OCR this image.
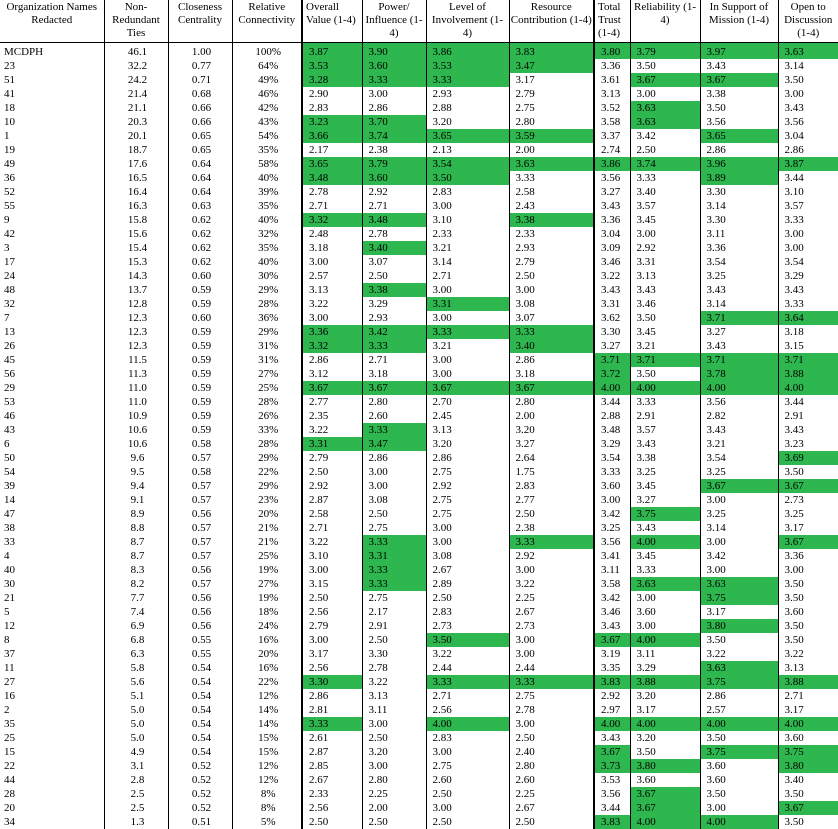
Organization Names Redacted	Non-Redundant Ties	Closeness Centrality	Relative Connectivity	Overall Value (1-4)	Power/ Influence (1-4)	Level of Involvement (1-4)	Resource Contribution (1-4)	Total Trust (1-4)	Reliability (1-4)	In Support of Mission (1-4)	Open to Discussion (1-4)
MCDPH	46.1	1.00	100%	3.87	3.90	3.86	3.83	3.80	3.79	3.97	3.63
23	32.2	0.77	64%	3.53	3.60	3.53	3.47	3.36	3.50	3.43	3.14
51	24.2	0.71	49%	3.28	3.33	3.33	3.17	3.61	3.67	3.67	3.50
41	21.4	0.68	46%	2.90	3.00	2.93	2.79	3.13	3.00	3.38	3.00
18	21.1	0.66	42%	2.83	2.86	2.88	2.75	3.52	3.63	3.50	3.43
10	20.3	0.66	43%	3.23	3.70	3.20	2.80	3.58	3.63	3.56	3.56
1	20.1	0.65	54%	3.66	3.74	3.65	3.59	3.37	3.42	3.65	3.04
19	18.7	0.65	35%	2.17	2.38	2.13	2.00	2.74	2.50	2.86	2.86
49	17.6	0.64	58%	3.65	3.79	3.54	3.63	3.86	3.74	3.96	3.87
36	16.5	0.64	40%	3.48	3.60	3.50	3.33	3.56	3.33	3.89	3.44
52	16.4	0.64	39%	2.78	2.92	2.83	2.58	3.27	3.40	3.30	3.10
55	16.3	0.63	35%	2.71	2.71	3.00	2.43	3.43	3.57	3.14	3.57
9	15.8	0.62	40%	3.32	3.48	3.10	3.38	3.36	3.45	3.30	3.33
42	15.6	0.62	32%	2.48	2.78	2.33	2.33	3.04	3.00	3.11	3.00
3	15.4	0.62	35%	3.18	3.40	3.21	2.93	3.09	2.92	3.36	3.00
17	15.3	0.62	40%	3.00	3.07	3.14	2.79	3.46	3.31	3.54	3.54
24	14.3	0.60	30%	2.57	2.50	2.71	2.50	3.22	3.13	3.25	3.29
48	13.7	0.59	29%	3.13	3.38	3.00	3.00	3.43	3.43	3.43	3.43
32	12.8	0.59	28%	3.22	3.29	3.31	3.08	3.31	3.46	3.14	3.33
7	12.3	0.60	36%	3.00	2.93	3.00	3.07	3.62	3.50	3.71	3.64
13	12.3	0.59	29%	3.36	3.42	3.33	3.33	3.30	3.45	3.27	3.18
26	12.3	0.59	31%	3.32	3.33	3.21	3.40	3.27	3.21	3.43	3.15
45	11.5	0.59	31%	2.86	2.71	3.00	2.86	3.71	3.71	3.71	3.71
56	11.3	0.59	27%	3.12	3.18	3.00	3.18	3.72	3.50	3.78	3.88
29	11.0	0.59	25%	3.67	3.67	3.67	3.67	4.00	4.00	4.00	4.00
53	11.0	0.59	28%	2.77	2.80	2.70	2.80	3.44	3.33	3.56	3.44
46	10.9	0.59	26%	2.35	2.60	2.45	2.00	2.88	2.91	2.82	2.91
43	10.6	0.59	33%	3.22	3.33	3.13	3.20	3.48	3.57	3.43	3.43
6	10.6	0.58	28%	3.31	3.47	3.20	3.27	3.29	3.43	3.21	3.23
50	9.6	0.57	29%	2.79	2.86	2.86	2.64	3.54	3.38	3.54	3.69
54	9.5	0.58	22%	2.50	3.00	2.75	1.75	3.33	3.25	3.25	3.50
39	9.4	0.57	29%	2.92	3.00	2.92	2.83	3.60	3.45	3.67	3.67
14	9.1	0.57	23%	2.87	3.08	2.75	2.77	3.00	3.27	3.00	2.73
47	8.9	0.56	20%	2.58	2.50	2.75	2.50	3.42	3.75	3.25	3.25
38	8.8	0.57	21%	2.71	2.75	3.00	2.38	3.25	3.43	3.14	3.17
33	8.7	0.57	21%	3.22	3.33	3.00	3.33	3.56	4.00	3.00	3.67
4	8.7	0.57	25%	3.10	3.31	3.08	2.92	3.41	3.45	3.42	3.36
40	8.3	0.56	19%	3.00	3.33	2.67	3.00	3.11	3.33	3.00	3.00
30	8.2	0.57	27%	3.15	3.33	2.89	3.22	3.58	3.63	3.63	3.50
21	7.7	0.56	19%	2.50	2.75	2.50	2.25	3.42	3.00	3.75	3.50
5	7.4	0.56	18%	2.56	2.17	2.83	2.67	3.46	3.60	3.17	3.60
12	6.9	0.56	24%	2.79	2.91	2.73	2.73	3.43	3.00	3.80	3.50
8	6.8	0.55	16%	3.00	2.50	3.50	3.00	3.67	4.00	3.50	3.50
37	6.3	0.55	20%	3.17	3.30	3.22	3.00	3.19	3.11	3.22	3.22
11	5.8	0.54	16%	2.56	2.78	2.44	2.44	3.35	3.29	3.63	3.13
27	5.6	0.54	22%	3.30	3.22	3.33	3.33	3.83	3.88	3.75	3.88
16	5.1	0.54	12%	2.86	3.13	2.71	2.75	2.92	3.20	2.86	2.71
2	5.0	0.54	14%	2.81	3.11	2.56	2.78	2.97	3.17	2.57	3.17
35	5.0	0.54	14%	3.33	3.00	4.00	3.00	4.00	4.00	4.00	4.00
25	5.0	0.54	15%	2.61	2.50	2.83	2.50	3.43	3.20	3.50	3.60
15	4.9	0.54	15%	2.87	3.20	3.00	2.40	3.67	3.50	3.75	3.75
22	3.1	0.52	12%	2.85	3.00	2.75	2.80	3.73	3.80	3.60	3.80
44	2.8	0.52	12%	2.67	2.80	2.60	2.60	3.53	3.60	3.60	3.40
28	2.5	0.52	8%	2.33	2.25	2.50	2.25	3.56	3.67	3.50	3.50
20	2.5	0.52	8%	2.56	2.00	3.00	2.67	3.44	3.67	3.00	3.67
34	1.3	0.51	5%	2.50	2.50	2.50	2.50	3.83	4.00	4.00	3.50
